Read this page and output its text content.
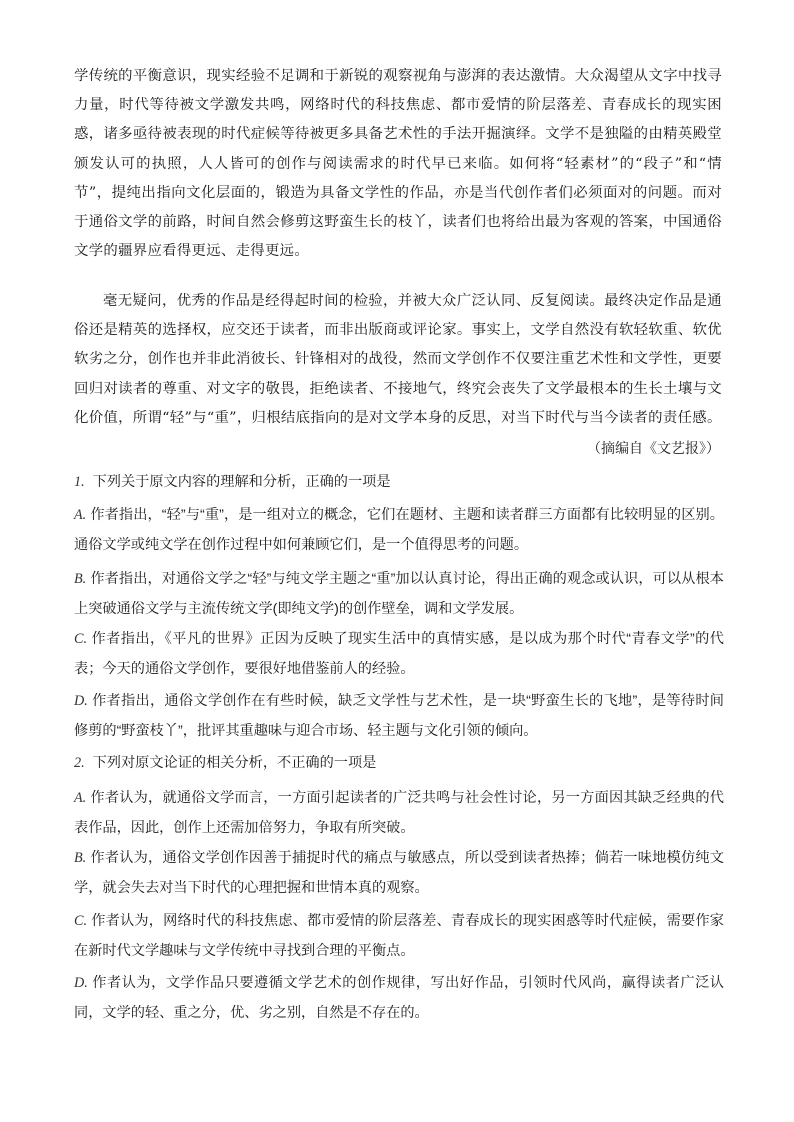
学传统的平衡意识，现实经验不足调和于新锐的观察视角与澎湃的表达激情。大众渴望从文字中找寻力量，时代等待被文学激发共鸣，网络时代的科技焦虑、都市爱情的阶层落差、青春成长的现实困惑，诸多亟待被表现的时代症候等待被更多具备艺术性的手法开掘演绎。文学不是独隘的由精英殿堂颁发认可的执照，人人皆可的创作与阅读需求的时代早已来临。如何将“轻素材”的“段子”和“情节”，提纯出指向文化层面的，锻造为具备文学性的作品，亦是当代创作者们必须面对的问题。而对于通俗文学的前路，时间自然会修剪这野蛮生长的枝丫，读者们也将给出最为客观的答案，中国通俗文学的疆界应看得更远、走得更远。
毫无疑问，优秀的作品是经得起时间的检验，并被大众广泛认同、反复阅读。最终决定作品是通俗还是精英的选择权，应交还于读者，而非出版商或评论家。事实上，文学自然没有软轻软重、软优软劣之分，创作也并非此消彼长、针锋相对的战役，然而文学创作不仅要注重艺术性和文学性，更要回归对读者的尊重、对文字的敬畏，拒绝读者、不接地气，终究会丧失了文学最根本的生长土壤与文化价值，所谓“轻”与“重”，归根结底指向的是对文学本身的反思，对当下时代与当今读者的责任感。
（摘编自《文艺报》）
1. 下列关于原文内容的理解和分析，正确的一项是
A. 作者指出，“轻”与“重”，是一组对立的概念，它们在题材、主题和读者群三方面都有比较明显的区别。通俗文学或纯文学在创作过程中如何兼顾它们，是一个值得思考的问题。
B. 作者指出，对通俗文学之“轻”与纯文学主题之“重”加以认真讨论，得出正确的观念或认识，可以从根本上突破通俗文学与主流传统文学(即纯文学)的创作壁垒，调和文学发展。
C. 作者指出，《平凡的世界》正因为反映了现实生活中的真情实感，是以成为那个时代“青春文学”的代表；今天的通俗文学创作，要很好地借鉴前人的经验。
D. 作者指出，通俗文学创作在有些时候，缺乏文学性与艺术性，是一块“野蛮生长的飞地”，是等待时间修剪的“野蛮枝丫”，批评其重趣味与迎合市场、轻主题与文化引领的倾向。
2. 下列对原文论证的相关分析，不正确的一项是
A. 作者认为，就通俗文学而言，一方面引起读者的广泛共鸣与社会性讨论，另一方面因其缺乏经典的代表作品，因此，创作上还需加倍努力，争取有所突破。
B. 作者认为，通俗文学创作因善于捕捉时代的痛点与敏感点，所以受到读者热捧；倘若一味地模仿纯文学，就会失去对当下时代的心理把握和世情本真的观察。
C. 作者认为，网络时代的科技焦虑、都市爱情的阶层落差、青春成长的现实困惑等时代症候，需要作家在新时代文学趣味与文学传统中寻找到合理的平衡点。
D. 作者认为，文学作品只要遵循文学艺术的创作规律，写出好作品，引领时代风尚，赢得读者广泛认同，文学的轻、重之分，优、劣之别，自然是不存在的。
